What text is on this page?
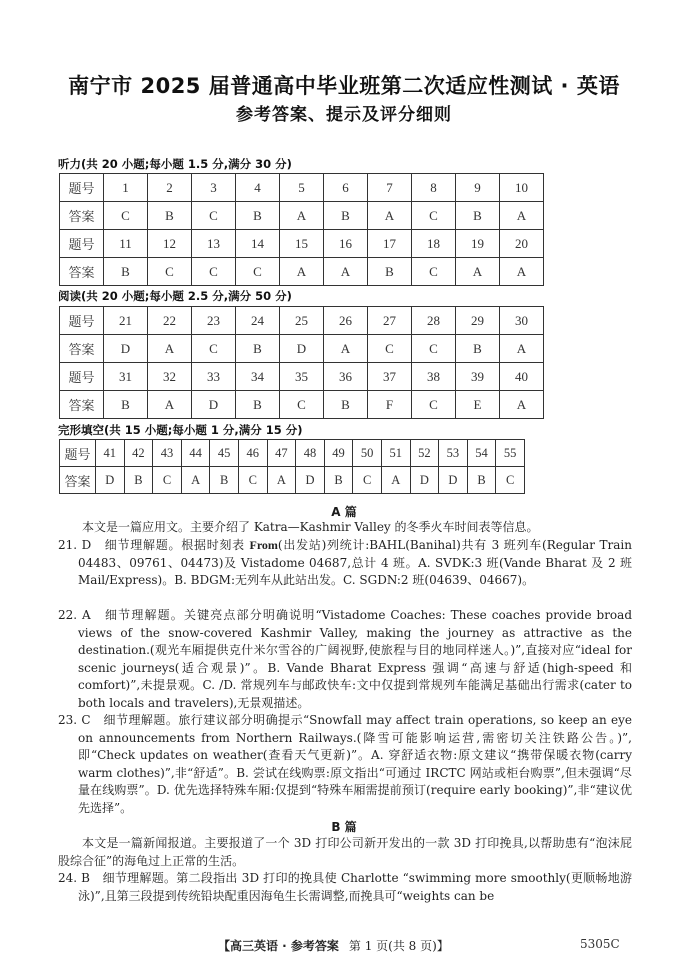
南宁市 2025 届普通高中毕业班第二次适应性测试 · 英语
参考答案、提示及评分细则
听力(共 20 小题;每小题 1.5 分,满分 30 分)
题号	1	2	3	4	5	6	7	8	9	10
答案	C	B	C	B	A	B	A	C	B	A
题号	11	12	13	14	15	16	17	18	19	20
答案	B	C	C	C	A	A	B	C	A	A
阅读(共 20 小题;每小题 2.5 分,满分 50 分)
题号	21	22	23	24	25	26	27	28	29	30
答案	D	A	C	B	D	A	C	C	B	A
题号	31	32	33	34	35	36	37	38	39	40
答案	B	A	D	B	C	B	F	C	E	A
完形填空(共 15 小题;每小题 1 分,满分 15 分)
题号	41	42	43	44	45	46	47	48	49	50	51	52	53	54	55
答案	D	B	C	A	B	C	A	D	B	C	A	D	D	B	C
A 篇
本文是一篇应用文。主要介绍了 Katra—Kashmir Valley 的冬季火车时间表等信息。
21. D　细节理解题。根据时刻表 From(出发站)列统计:BAHL(Banihal)共有 3 班列车(Regular Train 04483、09761、04473)及 Vistadome 04687,总计 4 班。A. SVDK:3 班(Vande Bharat 及 2 班 Mail/Express)。B. BDGM:无列车从此站出发。C. SGDN:2 班(04639、04667)。
22. A　细节理解题。关键亮点部分明确说明“Vistadome Coaches: These coaches provide broad views of the snow-covered Kashmir Valley, making the journey as attractive as the destination.(观光车厢提供克什米尔雪谷的广阔视野,使旅程与目的地同样迷人。)”,直接对应“ideal for scenic journeys(适合观景)”。B. Vande Bharat Express 强调“高速与舒适(high-speed 和 comfort)”,未提景观。C. /D. 常规列车与邮政快车:文中仅提到常规列车能满足基础出行需求(cater to both locals and travelers),无景观描述。
23. C　细节理解题。旅行建议部分明确提示“Snowfall may affect train operations, so keep an eye on announcements from Northern Railways.(降雪可能影响运营,需密切关注铁路公告。)”,即“Check updates on weather(查看天气更新)”。A. 穿舒适衣物:原文建议“携带保暖衣物(carry warm clothes)”,非“舒适”。B. 尝试在线购票:原文指出“可通过 IRCTC 网站或柜台购票”,但未强调“尽量在线购票”。D. 优先选择特殊车厢:仅提到“特殊车厢需提前预订(require early booking)”,非“建议优先选择”。
B 篇
本文是一篇新闻报道。主要报道了一个 3D 打印公司新开发出的一款 3D 打印挽具,以帮助患有“泡沫屁股综合征”的海龟过上正常的生活。
24. B　细节理解题。第二段指出 3D 打印的挽具使 Charlotte “swimming more smoothly(更顺畅地游泳)”,且第三段提到传统铅块配重因海龟生长需调整,而挽具可“weights can be
【高三英语 · 参考答案 第 1 页(共 8 页)】	5305C
